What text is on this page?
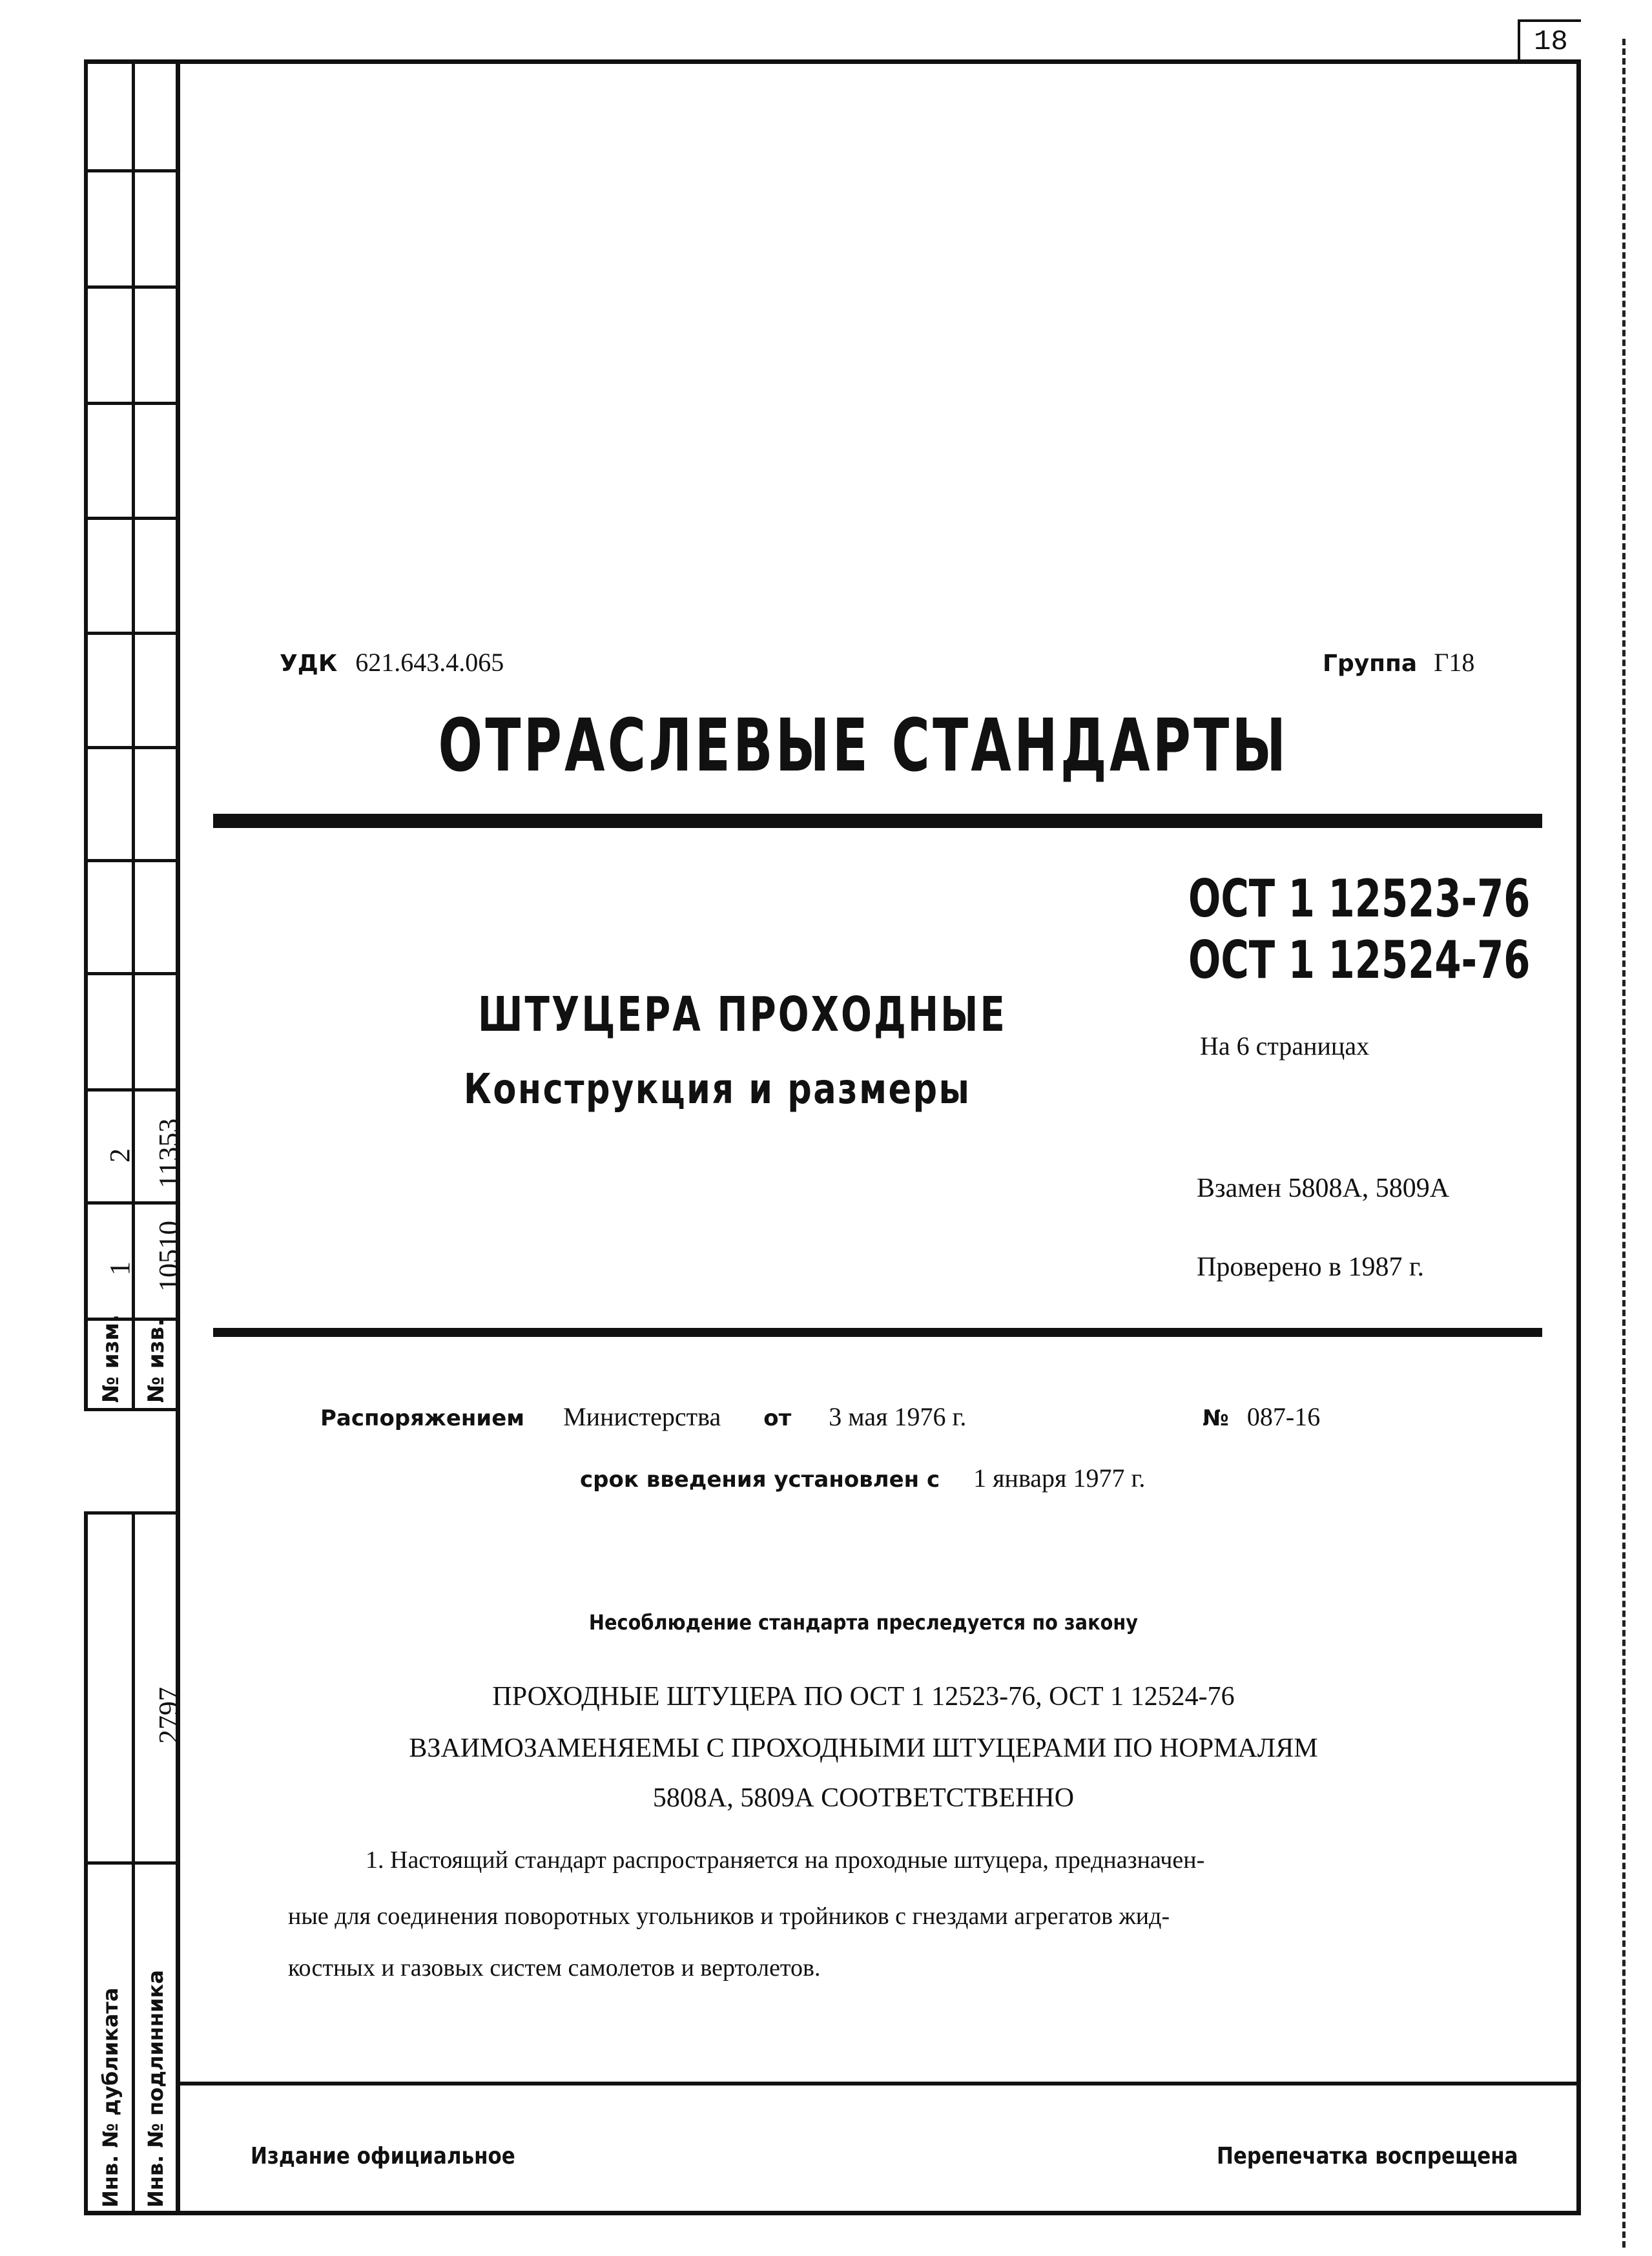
18
11353
2
10510
1
№ изм. № изв.
2797
Инв. № дубликата Инв. № подлинника
УДК 621.643.4.065	Группа Г18
ОТРАСЛЕВЫЕ СТАНДАРТЫ
ОСТ 1 12523-76
ОСТ 1 12524-76
ШТУЦЕРА ПРОХОДНЫЕ
Конструкция и размеры
На 6 страницах
Взамен 5808А, 5809А
Проверено в 1987 г.
Распоряжением Министерства от 3 мая 1976 г.	№ 087-16
срок введения установлен с 1 января 1977 г.
Несоблюдение стандарта преследуется по закону
ПРОХОДНЫЕ ШТУЦЕРА ПО ОСТ 1 12523-76, ОСТ 1 12524-76
ВЗАИМОЗАМЕНЯЕМЫ С ПРОХОДНЫМИ ШТУЦЕРАМИ ПО НОРМАЛЯМ
5808А, 5809А СООТВЕТСТВЕННО
1. Настоящий стандарт распространяется на проходные штуцера, предназначен-
ные для соединения поворотных угольников и тройников с гнездами агрегатов жид-
костных и газовых систем самолетов и вертолетов.
Издание официальное	Перепечатка воспрещена
